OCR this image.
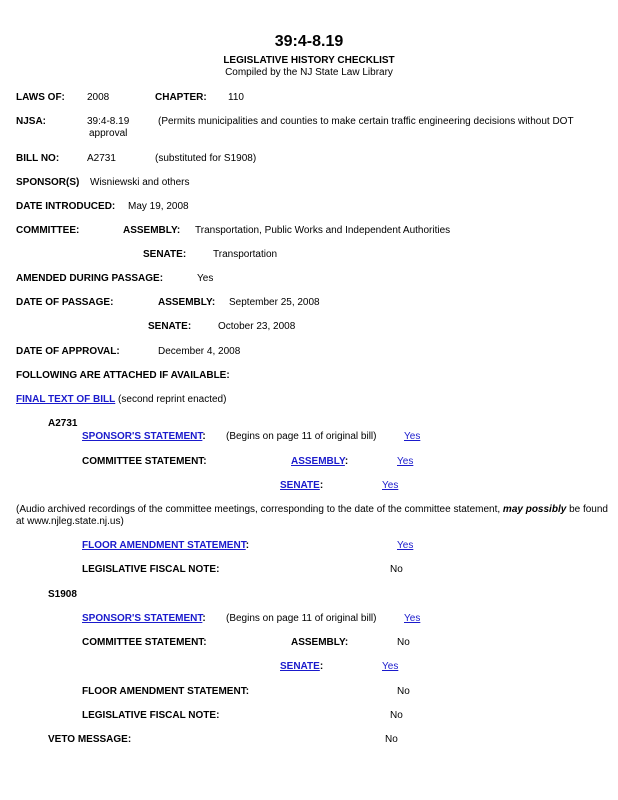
39:4-8.19
LEGISLATIVE HISTORY CHECKLIST
Compiled by the NJ State Law Library
LAWS OF: 2008	CHAPTER: 110
NJSA:	39:4-8.19	(Permits municipalities and counties to make certain traffic engineering decisions without DOT
approval
BILL NO:	A2731	(substituted for S1908)
SPONSOR(S) Wisniewski and others
DATE INTRODUCED: May 19, 2008
COMMITTEE:	ASSEMBLY: Transportation, Public Works and Independent Authorities
SENATE:	Transportation
AMENDED DURING PASSAGE:	Yes
DATE OF PASSAGE:	ASSEMBLY: September 25, 2008
SENATE:	October 23, 2008
DATE OF APPROVAL:	December 4, 2008
FOLLOWING ARE ATTACHED IF AVAILABLE:
FINAL TEXT OF BILL (second reprint enacted)
A2731
SPONSOR'S STATEMENT: (Begins on page 11 of original bill)	Yes
COMMITTEE STATEMENT:	ASSEMBLY:	Yes
SENATE:	Yes
(Audio archived recordings of the committee meetings, corresponding to the date of the committee statement, may possibly be found
at www.njleg.state.nj.us)
FLOOR AMENDMENT STATEMENT:	Yes
LEGISLATIVE FISCAL NOTE:	No
S1908
SPONSOR'S STATEMENT: (Begins on page 11 of original bill)	Yes
COMMITTEE STATEMENT:	ASSEMBLY:	No
SENATE:	Yes
FLOOR AMENDMENT STATEMENT:	No
LEGISLATIVE FISCAL NOTE:	No
VETO MESSAGE:	No
